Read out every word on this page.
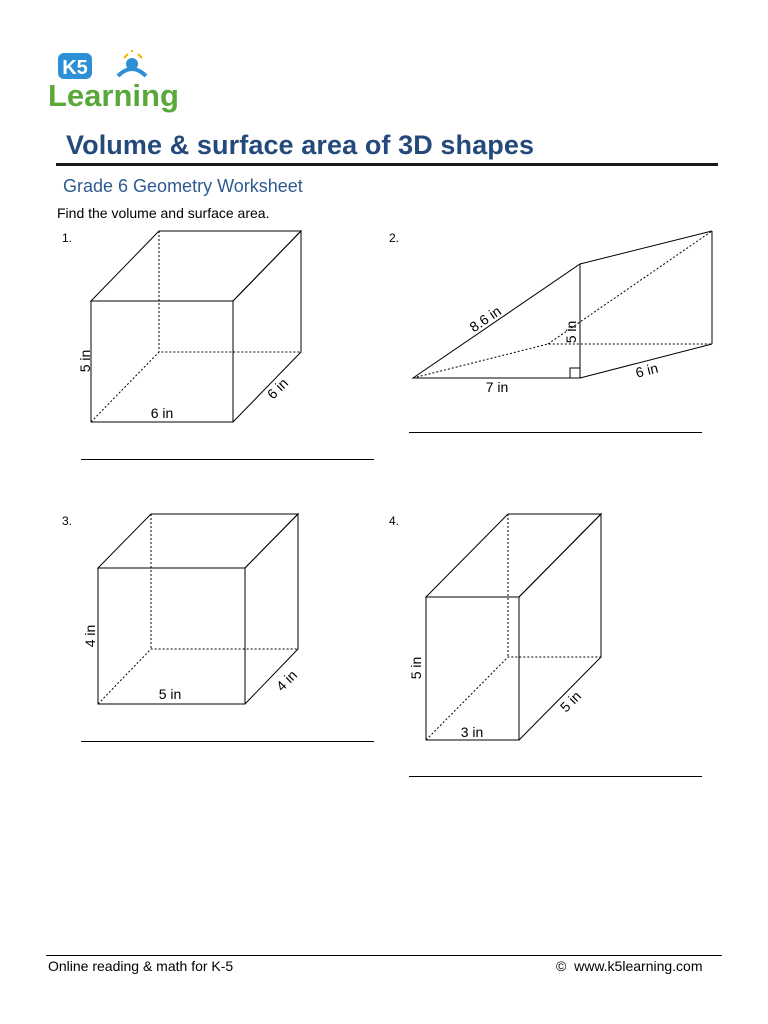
K5
Learning
Volume & surface area of 3D shapes
Grade 6 Geometry Worksheet
Find the volume and surface area.
1.
5 in
6 in
6 in
2.
8.6 in	5 in
7 in
6 in
3.
4 in
5 in	4 in
4.
5 in
3 in
5 in
Online reading & math for K-5	© www.k5learning.com
